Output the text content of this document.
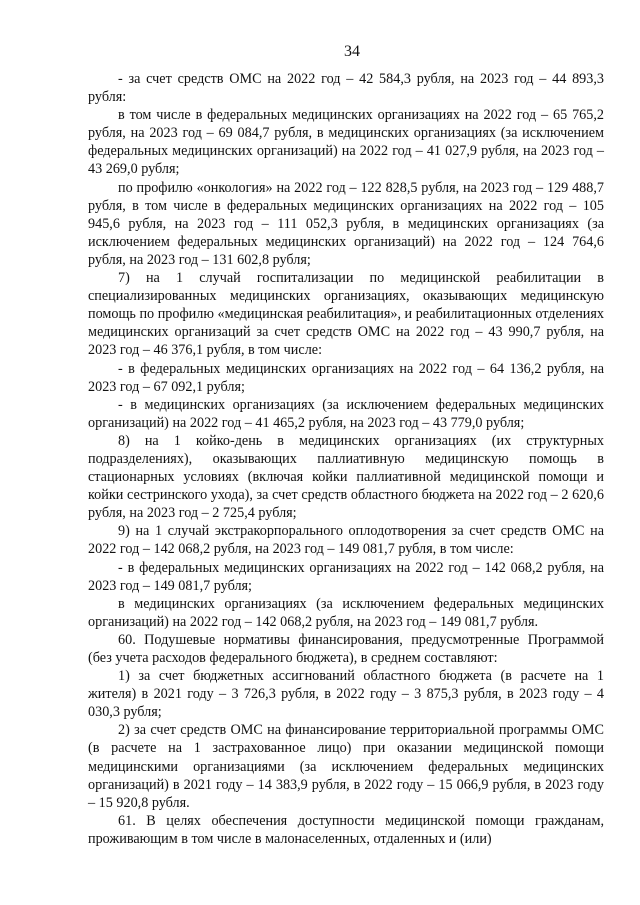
34

- за счет средств ОМС на 2022 год – 42 584,3 рубля, на 2023 год – 44 893,3 рубля:

в том числе в федеральных медицинских организациях на 2022 год – 65 765,2 рубля, на 2023 год – 69 084,7 рубля, в медицинских организациях (за исключением федеральных медицинских организаций) на 2022 год – 41 027,9 рубля, на 2023 год – 43 269,0 рубля;

по профилю «онкология» на 2022 год – 122 828,5 рубля, на 2023 год – 129 488,7 рубля, в том числе в федеральных медицинских организациях на 2022 год – 105 945,6 рубля, на 2023 год – 111 052,3 рубля, в медицинских организациях (за исключением федеральных медицинских организаций) на 2022 год – 124 764,6 рубля, на 2023 год – 131 602,8 рубля;

7) на 1 случай госпитализации по медицинской реабилитации в специализированных медицинских организациях, оказывающих медицинскую помощь по профилю «медицинская реабилитация», и реабилитационных отделениях медицинских организаций за счет средств ОМС на 2022 год – 43 990,7 рубля, на 2023 год – 46 376,1 рубля, в том числе:

- в федеральных медицинских организациях на 2022 год – 64 136,2 рубля, на 2023 год – 67 092,1 рубля;

- в медицинских организациях (за исключением федеральных медицинских организаций) на 2022 год – 41 465,2 рубля, на 2023 год – 43 779,0 рубля;

8) на 1 койко-день в медицинских организациях (их структурных подразделениях), оказывающих паллиативную медицинскую помощь в стационарных условиях (включая койки паллиативной медицинской помощи и койки сестринского ухода), за счет средств областного бюджета на 2022 год – 2 620,6 рубля, на 2023 год – 2 725,4 рубля;

9) на 1 случай экстракорпорального оплодотворения за счет средств ОМС на 2022 год – 142 068,2 рубля, на 2023 год – 149 081,7 рубля, в том числе:

- в федеральных медицинских организациях на 2022 год – 142 068,2 рубля, на 2023 год – 149 081,7 рубля;

в медицинских организациях (за исключением федеральных медицинских организаций) на 2022 год – 142 068,2 рубля, на 2023 год – 149 081,7 рубля.

60. Подушевые нормативы финансирования, предусмотренные Программой (без учета расходов федерального бюджета), в среднем составляют:

1) за счет бюджетных ассигнований областного бюджета (в расчете на 1 жителя) в 2021 году – 3 726,3 рубля, в 2022 году – 3 875,3 рубля, в 2023 году – 4 030,3 рубля;

2) за счет средств ОМС на финансирование территориальной программы ОМС (в расчете на 1 застрахованное лицо) при оказании медицинской помощи медицинскими организациями (за исключением федеральных медицинских организаций) в 2021 году – 14 383,9 рубля, в 2022 году – 15 066,9 рубля, в 2023 году – 15 920,8 рубля.

61. В целях обеспечения доступности медицинской помощи гражданам, проживающим в том числе в малонаселенных, отдаленных и (или)
